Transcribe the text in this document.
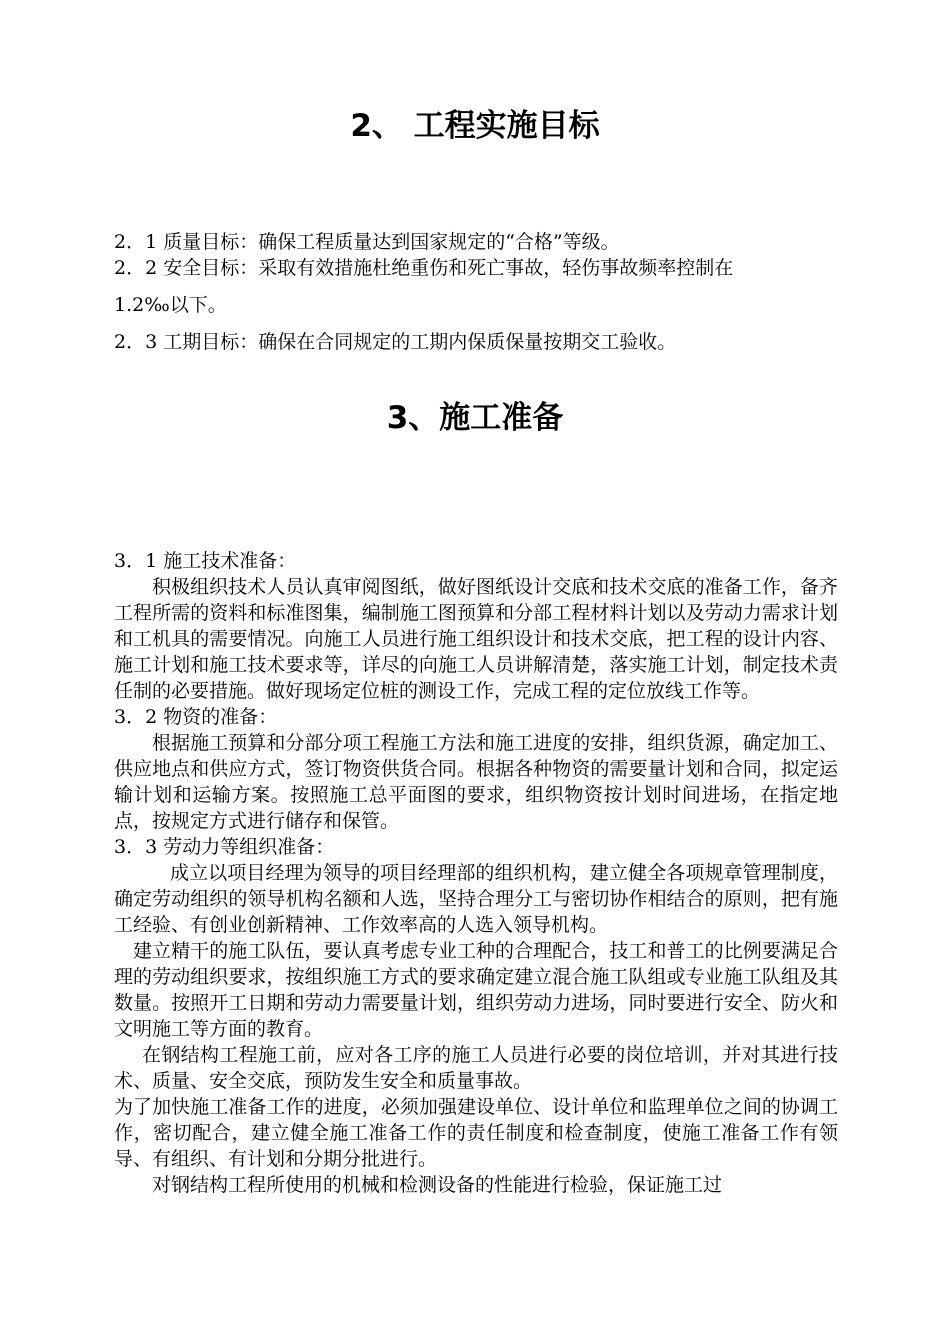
2、 工程实施目标
2．1 质量目标：确保工程质量达到国家规定的“合格”等级。
2．2 安全目标：采取有效措施杜绝重伤和死亡事故，轻伤事故频率控制在
1.2‰以下。
2．3 工期目标：确保在合同规定的工期内保质保量按期交工验收。
3、施工准备

3．1 施工技术准备：

积极组织技术人员认真审阅图纸，做好图纸设计交底和技术交底的准备工作，备齐工程所需的资料和标准图集，编制施工图预算和分部工程材料计划以及劳动力需求计划和工机具的需要情况。向施工人员进行施工组织设计和技术交底，把工程的设计内容、施工计划和施工技术要求等，详尽的向施工人员讲解清楚，落实施工计划，制定技术责任制的必要措施。做好现场定位桩的测设工作，完成工程的定位放线工作等。

3．2 物资的准备：

根据施工预算和分部分项工程施工方法和施工进度的安排，组织货源，确定加工、供应地点和供应方式，签订物资供货合同。根据各种物资的需要量计划和合同，拟定运输计划和运输方案。按照施工总平面图的要求，组织物资按计划时间进场，在指定地点，按规定方式进行储存和保管。

3．3 劳动力等组织准备：

成立以项目经理为领导的项目经理部的组织机构，建立健全各项规章管理制度，确定劳动组织的领导机构名额和人选，坚持合理分工与密切协作相结合的原则，把有施工经验、有创业创新精神、工作效率高的人选入领导机构。

建立精干的施工队伍，要认真考虑专业工种的合理配合，技工和普工的比例要满足合理的劳动组织要求，按组织施工方式的要求确定建立混合施工队组或专业施工队组及其数量。按照开工日期和劳动力需要量计划，组织劳动力进场，同时要进行安全、防火和文明施工等方面的教育。

在钢结构工程施工前，应对各工序的施工人员进行必要的岗位培训，并对其进行技术、质量、安全交底，预防发生安全和质量事故。

为了加快施工准备工作的进度，必须加强建设单位、设计单位和监理单位之间的协调工作，密切配合，建立健全施工准备工作的责任制度和检查制度，使施工准备工作有领导、有组织、有计划和分期分批进行。

对钢结构工程所使用的机械和检测设备的性能进行检验，保证施工过
